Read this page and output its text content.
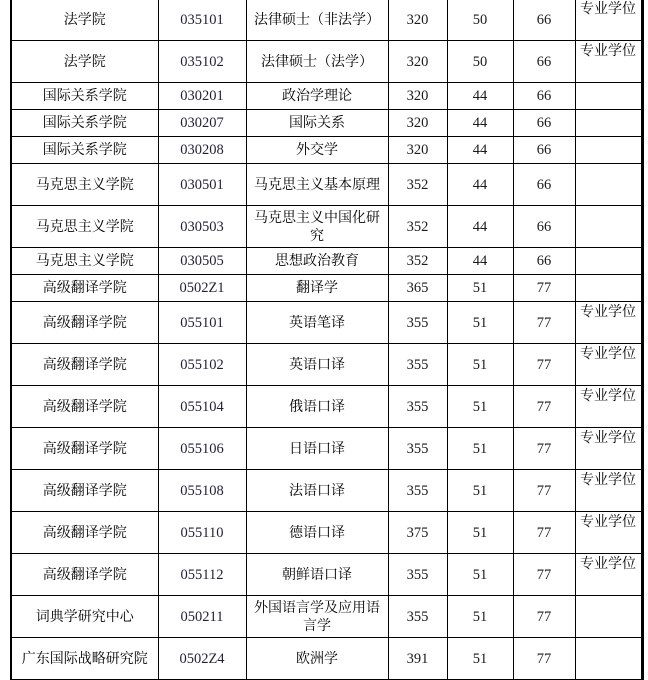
法学院	035101	法律硕士（非法学）	320	50	66	专业学位
法学院	035102	法律硕士（法学）	320	50	66	专业学位
国际关系学院	030201	政治学理论	320	44	66	
国际关系学院	030207	国际关系	320	44	66	
国际关系学院	030208	外交学	320	44	66	
马克思主义学院	030501	马克思主义基本原理	352	44	66	
马克思主义学院	030503	马克思主义中国化研究	352	44	66	
马克思主义学院	030505	思想政治教育	352	44	66	
高级翻译学院	0502Z1	翻译学	365	51	77	
高级翻译学院	055101	英语笔译	355	51	77	专业学位
高级翻译学院	055102	英语口译	355	51	77	专业学位
高级翻译学院	055104	俄语口译	355	51	77	专业学位
高级翻译学院	055106	日语口译	355	51	77	专业学位
高级翻译学院	055108	法语口译	355	51	77	专业学位
高级翻译学院	055110	德语口译	375	51	77	专业学位
高级翻译学院	055112	朝鲜语口译	355	51	77	专业学位
词典学研究中心	050211	外国语言学及应用语言学	355	51	77	
广东国际战略研究院	0502Z4	欧洲学	391	51	77	
